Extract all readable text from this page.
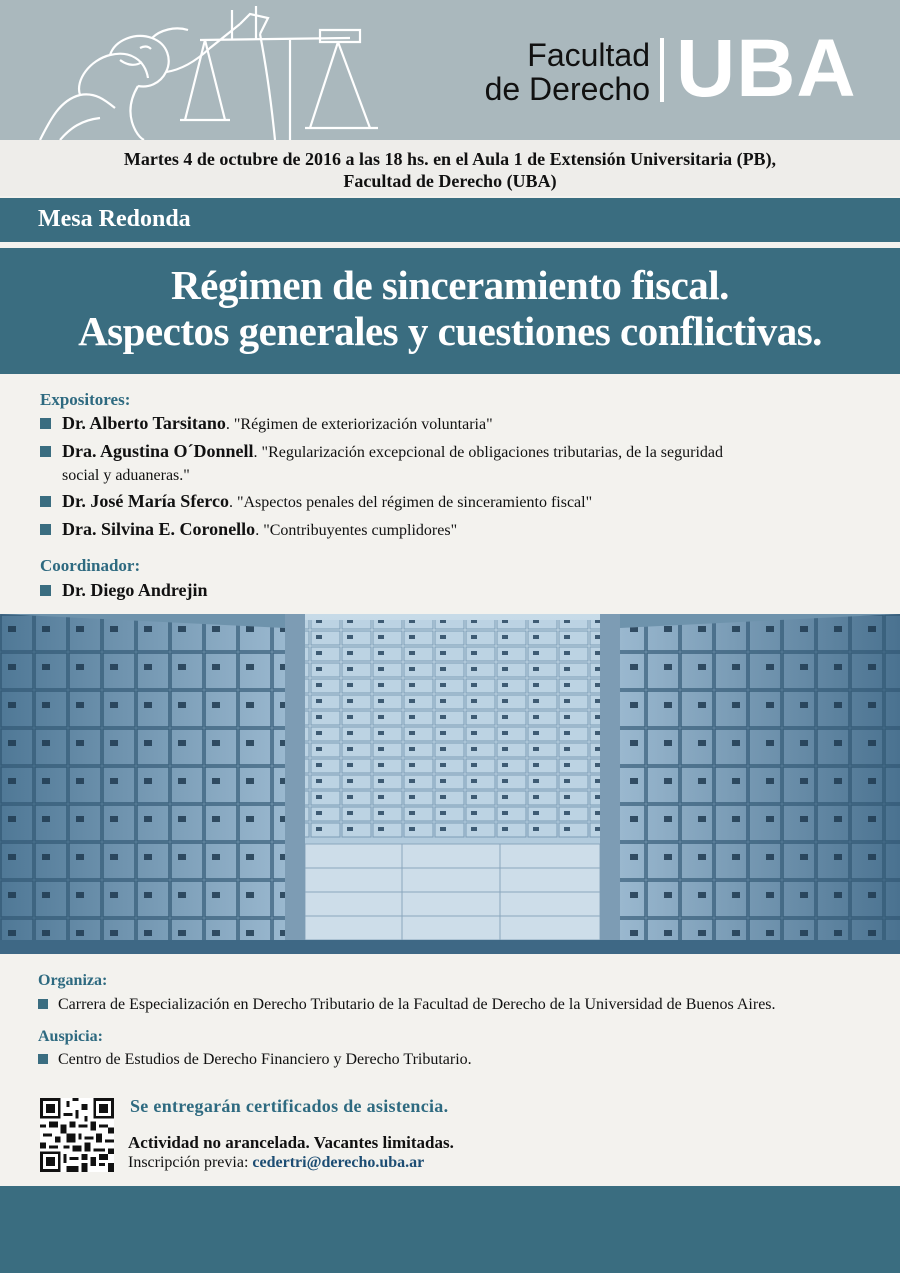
Facultad
de Derecho UBA
Martes 4 de octubre de 2016 a las 18 hs. en el Aula 1 de Extensión Universitaria (PB),
Facultad de Derecho (UBA)
Mesa Redonda
Régimen de sinceramiento fiscal.
Aspectos generales y cuestiones conflictivas.
Expositores:
Dr. Alberto Tarsitano. "Régimen de exteriorización voluntaria"
Dra. Agustina O´Donnell. "Regularización excepcional de obligaciones tributarias, de la seguridad
social y aduaneras."
Dr. José María Sferco. "Aspectos penales del régimen de sinceramiento fiscal"
Dra. Silvina E. Coronello. "Contribuyentes cumplidores"
Coordinador:
Dr. Diego Andrejin
Organiza:
Carrera de Especialización en Derecho Tributario de la Facultad de Derecho de la Universidad de Buenos Aires.
Auspicia:
Centro de Estudios de Derecho Financiero y Derecho Tributario.
Se entregarán certificados de asistencia.
Actividad no arancelada. Vacantes limitadas.
Inscripción previa: cedertri@derecho.uba.ar
